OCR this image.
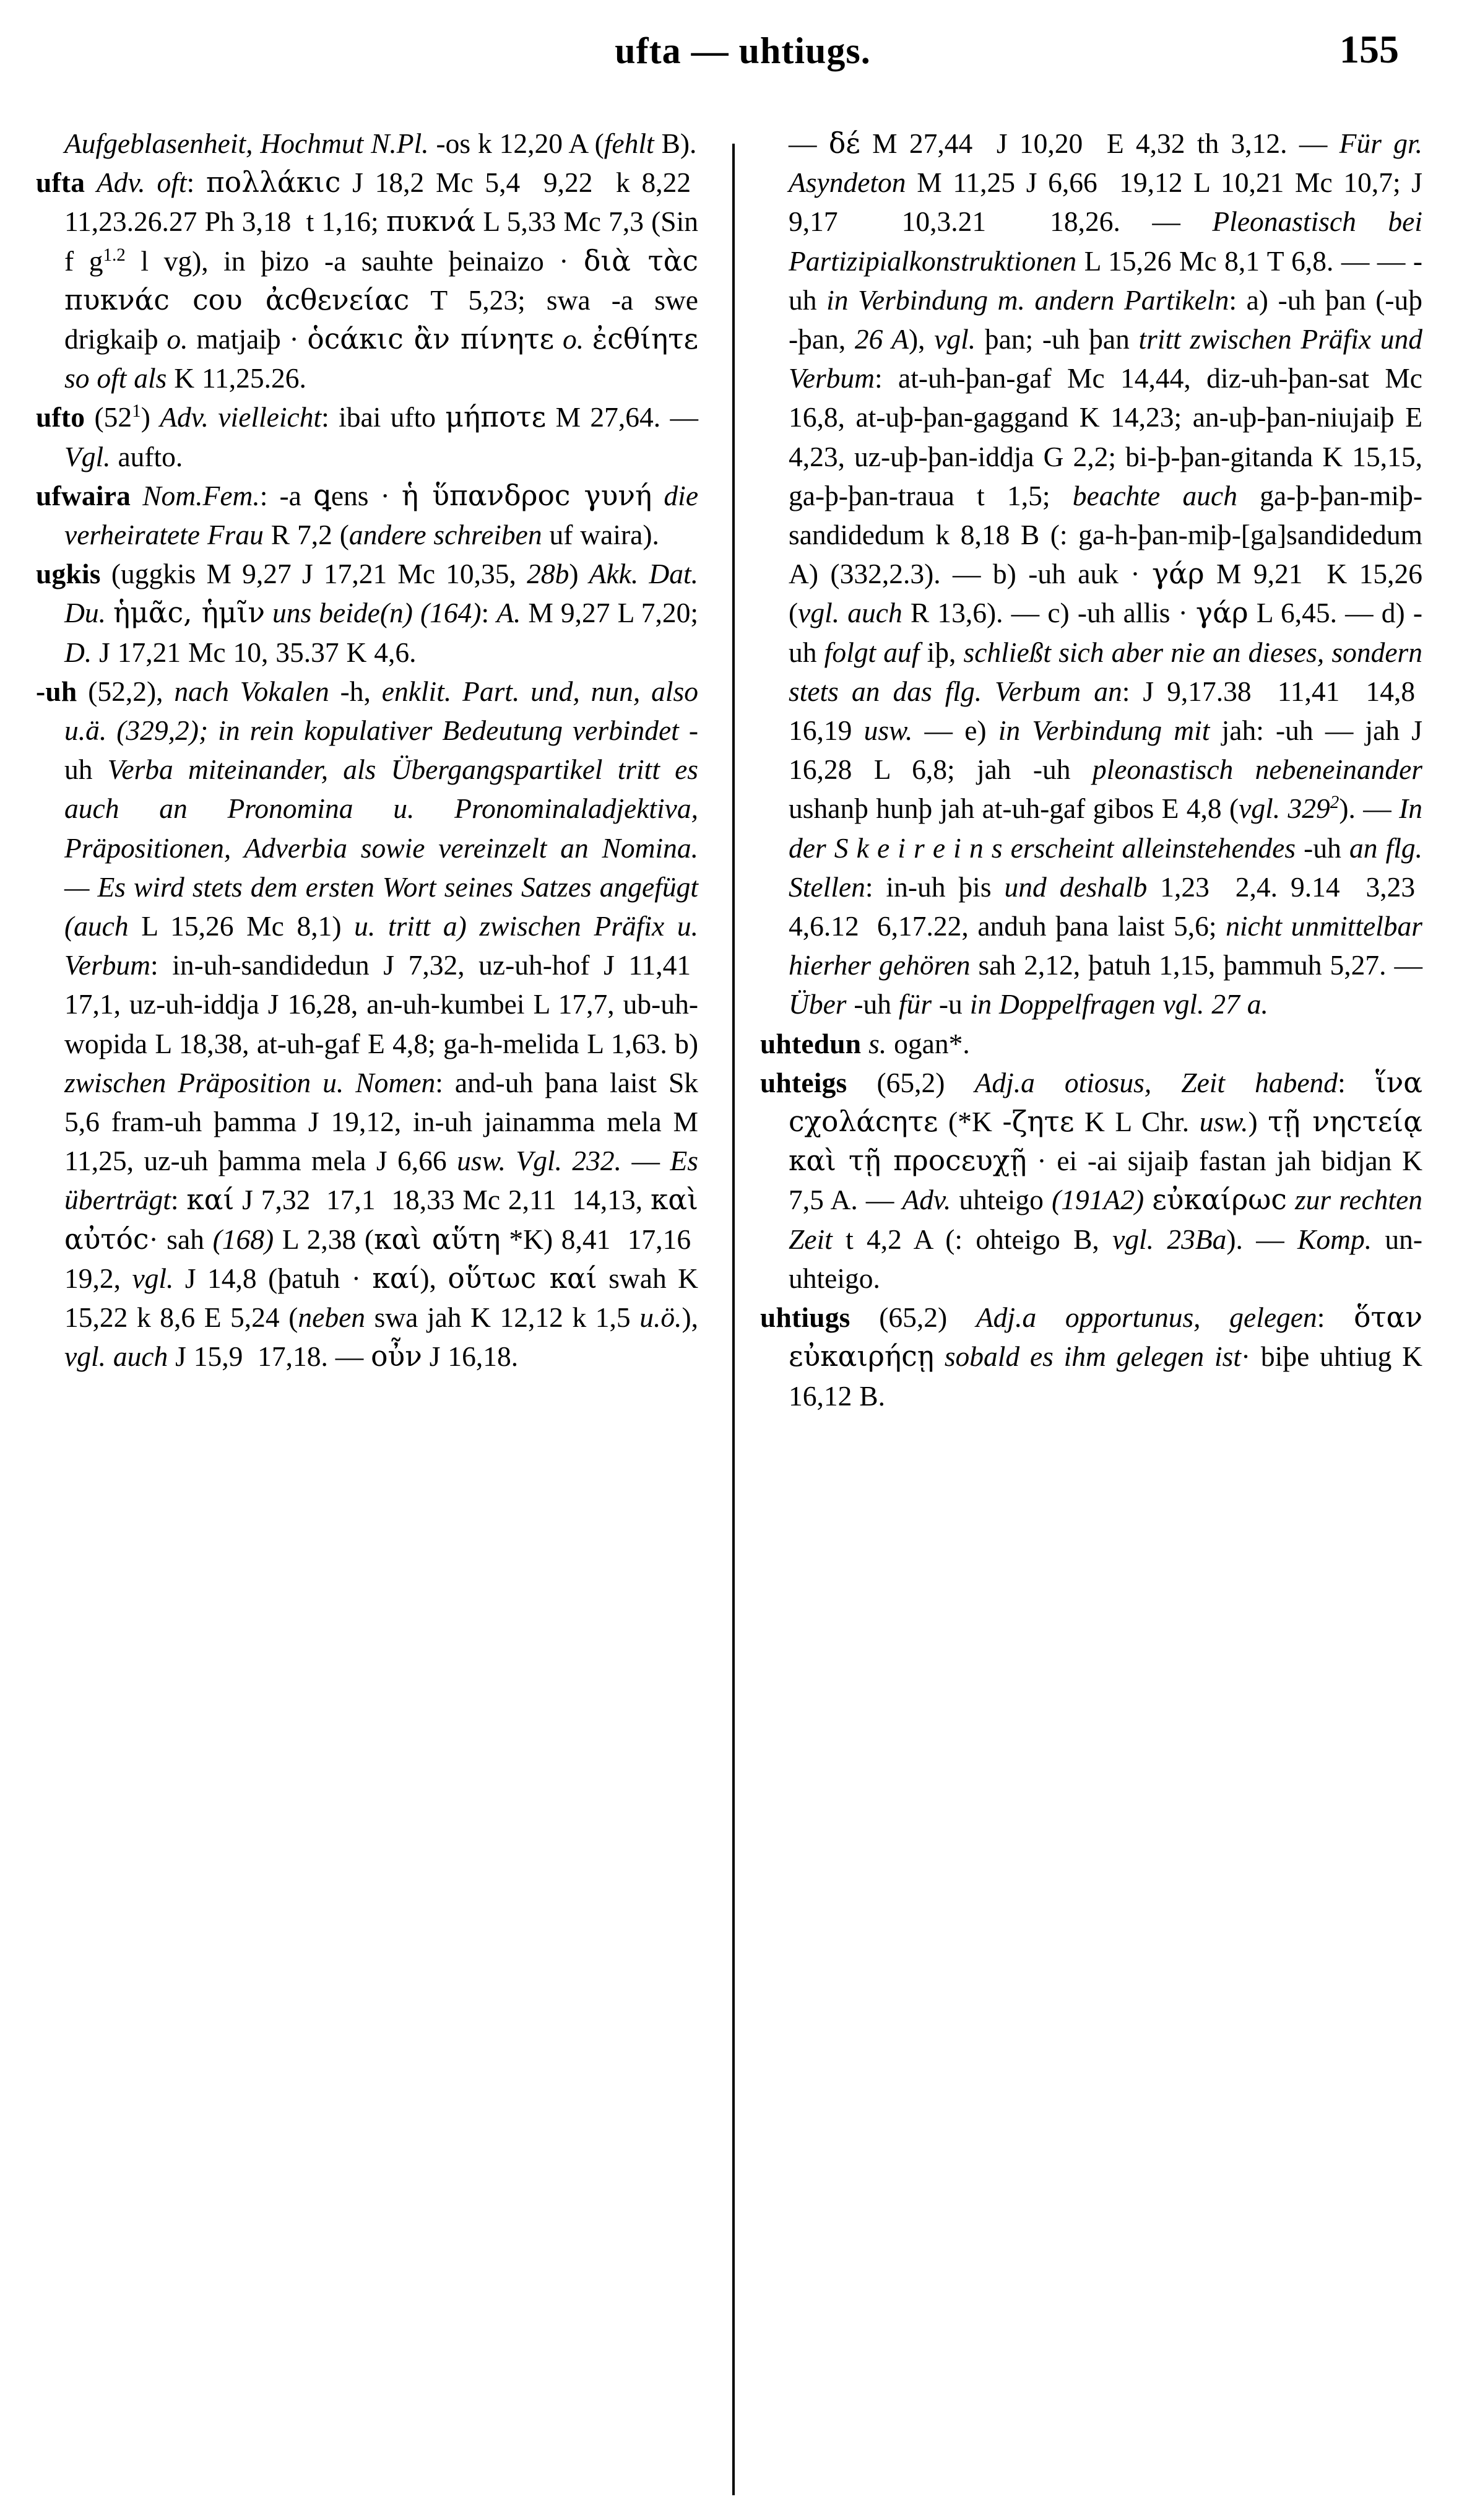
ufta — uhtiugs.	155

Aufgeblasenheit, Hochmut N.Pl. -os k 12,20 A (fehlt B).

ufta Adv. oft: πολλάκιϲ J 18,2 Mc 5,4  9,22  k 8,22  11,23.26.27 Ph 3,18  t 1,16; πυκνά L 5,33 Mc 7,3 (Sin f $g^{1.2}$ l vg), in þizo -a sauhte þeinaizo · διὰ τὰϲ πυκνάϲ ϲου ἀϲθενείαϲ T 5,23; swa -a swe drigkaiþ o. matjaiþ · ὁϲάκιϲ ἂν πίνητε o. ἐϲθίητε so oft als K 11,25.26.

ufto $(52^1)$ Adv. vielleicht: ibai ufto μήποτε M 27,64. — Vgl. aufto.

ufwaira Nom.Fem.: -a ꝗens · ἡ ὕπανδροϲ γυνή die verheiratete Frau R 7,2 (andere schreiben uf waira).

ugkis (uggkis M 9,27 J 17,21 Mc 10,35, 28b) Akk. Dat. Du. ἡμᾶϲ, ἡμῖν uns beide(n) (164): A. M 9,27 L 7,20; D. J 17,21 Mc 10, 35.37 K 4,6.

-uh (52,2), nach Vokalen -h, enklit. Part. und, nun, also u.ä. (329,2); in rein kopulativer Bedeutung verbindet -uh Verba miteinander, als Übergangspartikel tritt es auch an Pronomina u. Pronominaladjektiva, Präpositionen, Adverbia sowie vereinzelt an Nomina. — Es wird stets dem ersten Wort seines Satzes angefügt (auch L 15,26 Mc 8,1) u. tritt a) zwischen Präfix u. Verbum: in-uh-sandidedun J 7,32, uz-uh-hof J 11,41  17,1, uz-uh-iddja J 16,28, an-uh-kumbei L 17,7, ub-uh-wopida L 18,38, at-uh-gaf E 4,8; ga-h-melida L 1,63. b) zwischen Präposition u. Nomen: and-uh þana laist Sk 5,6 fram-uh þamma J 19,12, in-uh jainamma mela M 11,25, uz-uh þamma mela J 6,66 usw. Vgl. 232. — Es überträgt: καί J 7,32  17,1  18,33 Mc 2,11  14,13, καὶ αὐτόϲ· sah (168) L 2,38 (καὶ αὕτη *K) 8,41  17,16  19,2, vgl. J 14,8 (þatuh · καί), οὕτωϲ καί swah K 15,22 k 8,6 E 5,24 (neben swa jah K 12,12 k 1,5 u.ö.), vgl. auch J 15,9  17,18. — οὖν J 16,18.

— δέ M 27,44  J 10,20  E 4,32 th 3,12. — Für gr. Asyndeton M 11,25 J 6,66  19,12 L 10,21 Mc 10,7; J 9,17  10,3.21  18,26. — Pleonastisch bei Partizipialkonstruktionen L 15,26 Mc 8,1 T 6,8. — — -uh in Verbindung m. andern Partikeln: a) -uh þan (-uþ -þan, 26 A), vgl. þan; -uh þan tritt zwischen Präfix und Verbum: at-uh-þan-gaf Mc 14,44, diz-uh-þan-sat Mc 16,8, at-uþ-þan-gaggand K 14,23; an-uþ-þan-niujaiþ E 4,23, uz-uþ-þan-iddja G 2,2; bi-þ-þan-gitanda K 15,15, ga-þ-þan-traua t 1,5; beachte auch ga-þ-þan-miþ-sandidedum k 8,18 B (: ga-h-þan-miþ-[ga]sandidedum A) (332,2.3). — b) -uh auk · γάρ M 9,21  K 15,26 (vgl. auch R 13,6). — c) -uh allis · γάρ L 6,45. — d) -uh folgt auf iþ, schließt sich aber nie an dieses, sondern stets an das flg. Verbum an: J 9,17.38  11,41  14,8  16,19 usw. — e) in Verbindung mit jah: -uh — jah J 16,28 L 6,8; jah -uh pleonastisch nebeneinander ushanþ hunþ jah at-uh-gaf gibos E 4,8 (vgl. $329^2$). — In der S k e i r e i n s erscheint alleinstehendes -uh an flg. Stellen: in-uh þis und deshalb 1,23  2,4. 9.14  3,23  4,6.12  6,17.22, anduh þana laist 5,6; nicht unmittelbar hierher gehören sah 2,12, þatuh 1,15, þammuh 5,27. — Über -uh für -u in Doppelfragen vgl. 27 a.

uhtedun s. ogan*.

uhteigs (65,2) Adj.a otiosus, Zeit habend: ἵνα ϲχολάϲητε (*K -ζητε K L Chr. usw.) τῇ νηϲτείᾳ καὶ τῇ προϲευχῇ · ei -ai sijaiþ fastan jah bidjan K 7,5 A. — Adv. uhteigo (191A2) εὐκαίρωϲ zur rechten Zeit t 4,2 A (: ohteigo B, vgl. 23Ba). — Komp. un-uhteigo.

uhtiugs (65,2) Adj.a opportunus, gelegen: ὅταν εὐκαιρήϲῃ sobald es ihm gelegen ist· biþe uhtiug K 16,12 B.
